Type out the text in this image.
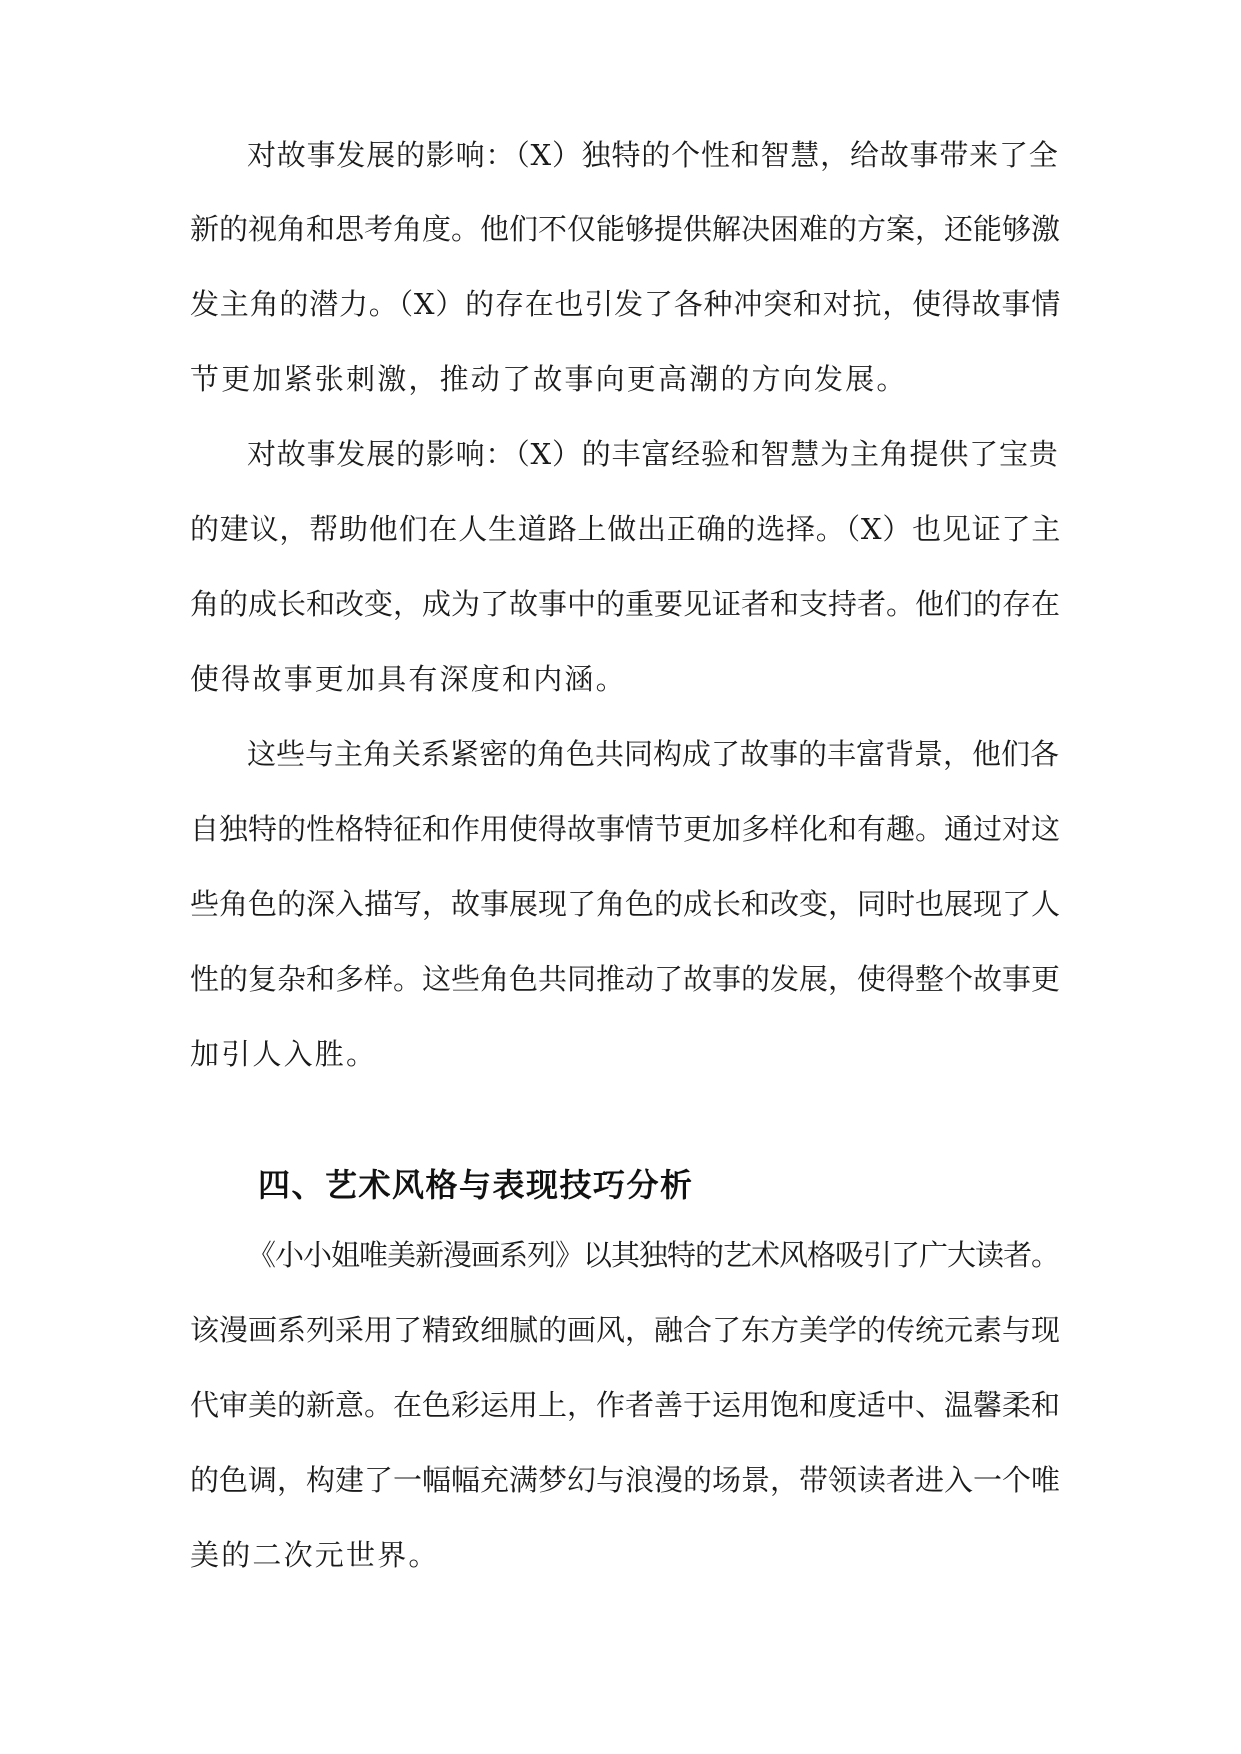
对故事发展的影响：（X）独特的个性和智慧，给故事带来了全
新的视角和思考角度。他们不仅能够提供解决困难的方案，还能够激
发主角的潜力。（X）的存在也引发了各种冲突和对抗，使得故事情
节更加紧张刺激，推动了故事向更高潮的方向发展。
对故事发展的影响：（X）的丰富经验和智慧为主角提供了宝贵
的建议，帮助他们在人生道路上做出正确的选择。（X）也见证了主
角的成长和改变，成为了故事中的重要见证者和支持者。他们的存在
使得故事更加具有深度和内涵。
这些与主角关系紧密的角色共同构成了故事的丰富背景，他们各
自独特的性格特征和作用使得故事情节更加多样化和有趣。通过对这
些角色的深入描写，故事展现了角色的成长和改变，同时也展现了人
性的复杂和多样。这些角色共同推动了故事的发展，使得整个故事更
加引人入胜。
四、艺术风格与表现技巧分析
《小小姐唯美新漫画系列》以其独特的艺术风格吸引了广大读者。
该漫画系列采用了精致细腻的画风，融合了东方美学的传统元素与现
代审美的新意。在色彩运用上，作者善于运用饱和度适中、温馨柔和
的色调，构建了一幅幅充满梦幻与浪漫的场景，带领读者进入一个唯
美的二次元世界。
